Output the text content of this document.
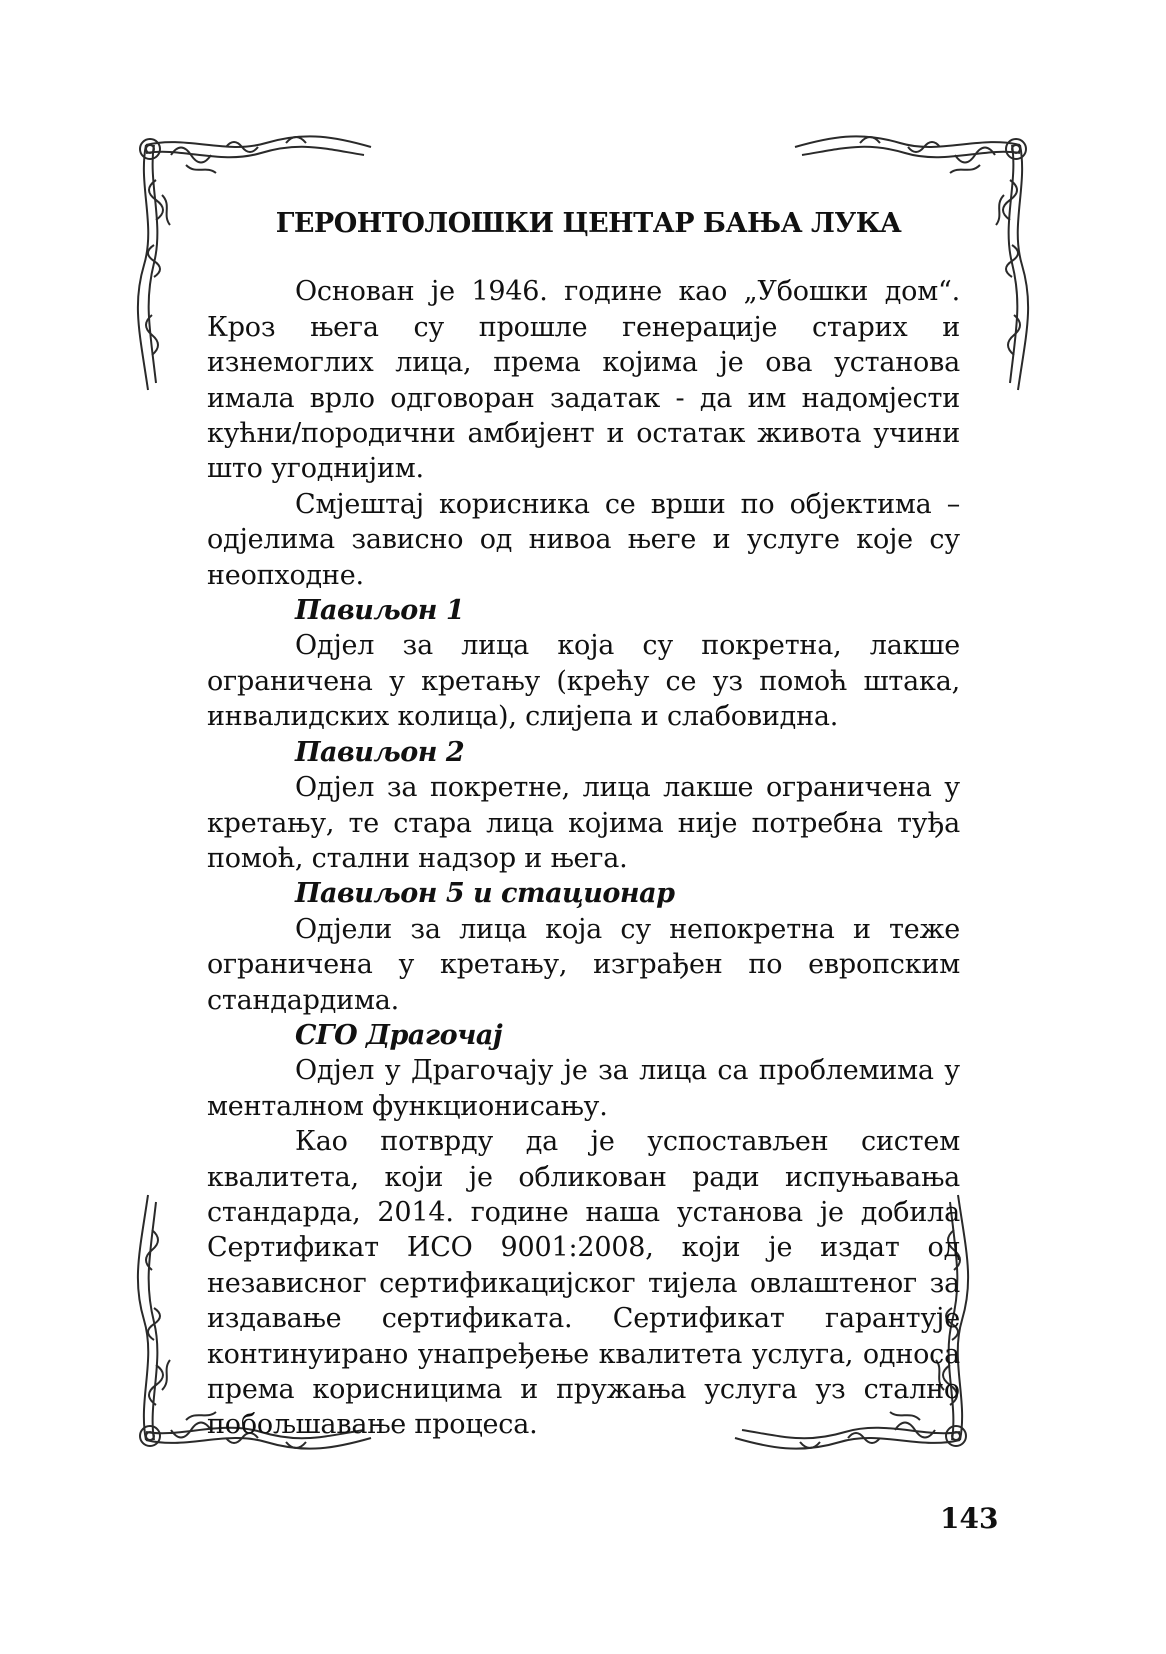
ГЕРОНТОЛОШКИ ЦЕНТАР БАЊА ЛУКА

Основан је 1946. године као „Убошки дом“. Кроз њега су прошле генерације старих и изнемоглих лица, према којима је ова установа имала врло одговоран задатак - да им надомјести кућни/породични амбијент и остатак живота учини што угоднијим.

Смјештај корисника се врши по објектима – одјелима зависно од нивоа његе и услуге које су неопходне.

Павиљон 1

Одјел за лица која су покретна, лакше ограничена у кретању (крећу се уз помоћ штака, инвалидских колица), слијепа и слабовидна.

Павиљон 2

Одјел за покретне, лица лакше ограничена у кретању, те стара лица којима није потребна туђа помоћ, стални надзор и њега.

Павиљон 5 и стационар

Одјели за лица која су непокретна и теже ограничена у кретању, изграђен по европским стандардима.

СГО Драгочај

Одјел у Драгочају је за лица са проблемима у менталном функционисању.

Као потврду да је успостављен систем квалитета, који је обликован ради испуњавања стандарда, 2014. године наша установа је добила Сертификат ИСО 9001:2008, који је издат од независног сертификацијског тијела овлаштеног за издавање сертификата. Сертификат гарантује континуирано унапређење квалитета услуга, односа према корисницима и пружања услуга уз стално побољшавање процеса.

143
